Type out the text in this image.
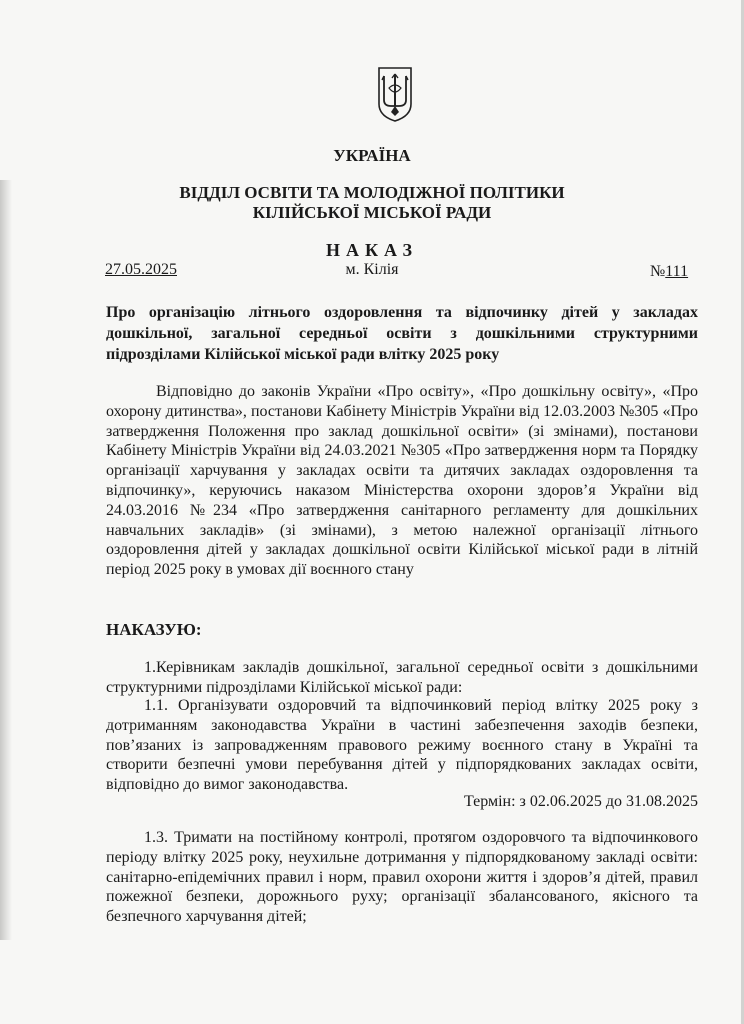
УКРАЇНА
ВІДДІЛ ОСВІТИ ТА МОЛОДІЖНОЇ ПОЛІТИКИ
КІЛІЙСЬКОЇ МІСЬКОЇ РАДИ
НАКАЗ
27.05.2025	м. Кілія	№111
Про організацію літнього оздоровлення та відпочинку дітей у закладах дошкільної, загальної середньої освіти з дошкільними структурними підрозділами Кілійської міської ради влітку 2025 року
Відповідно до законів України «Про освіту», «Про дошкільну освіту», «Про охорону дитинства», постанови Кабінету Міністрів України від 12.03.2003 №305 «Про затвердження Положення про заклад дошкільної освіти» (зі змінами), постанови Кабінету Міністрів України від 24.03.2021 №305 «Про затвердження норм та Порядку організації харчування у закладах освіти та дитячих закладах оздоровлення та відпочинку», керуючись наказом Міністерства охорони здоров’я України від 24.03.2016 №234 «Про затвердження санітарного регламенту для дошкільних навчальних закладів» (зі змінами), з метою належної організації літнього оздоровлення дітей у закладах дошкільної освіти Кілійської міської ради в літній період 2025 року в умовах дії воєнного стану
НАКАЗУЮ:
1.Керівникам закладів дошкільної, загальної середньої освіти з дошкільними структурними підрозділами Кілійської міської ради:
1.1. Організувати оздоровчий та відпочинковий період влітку 2025 року з дотриманням законодавства України в частині забезпечення заходів безпеки, пов’язаних із запровадженням правового режиму воєнного стану в Україні та створити безпечні умови перебування дітей у підпорядкованих закладах освіти, відповідно до вимог законодавства.
Термін: з 02.06.2025 до 31.08.2025
1.3. Тримати на постійному контролі, протягом оздоровчого та відпочинкового періоду влітку 2025 року, неухильне дотримання у підпорядкованому закладі освіти: санітарно-епідемічних правил і норм, правил охорони життя і здоров’я дітей, правил пожежної безпеки, дорожнього руху; організації збалансованого, якісного та безпечного харчування дітей;
